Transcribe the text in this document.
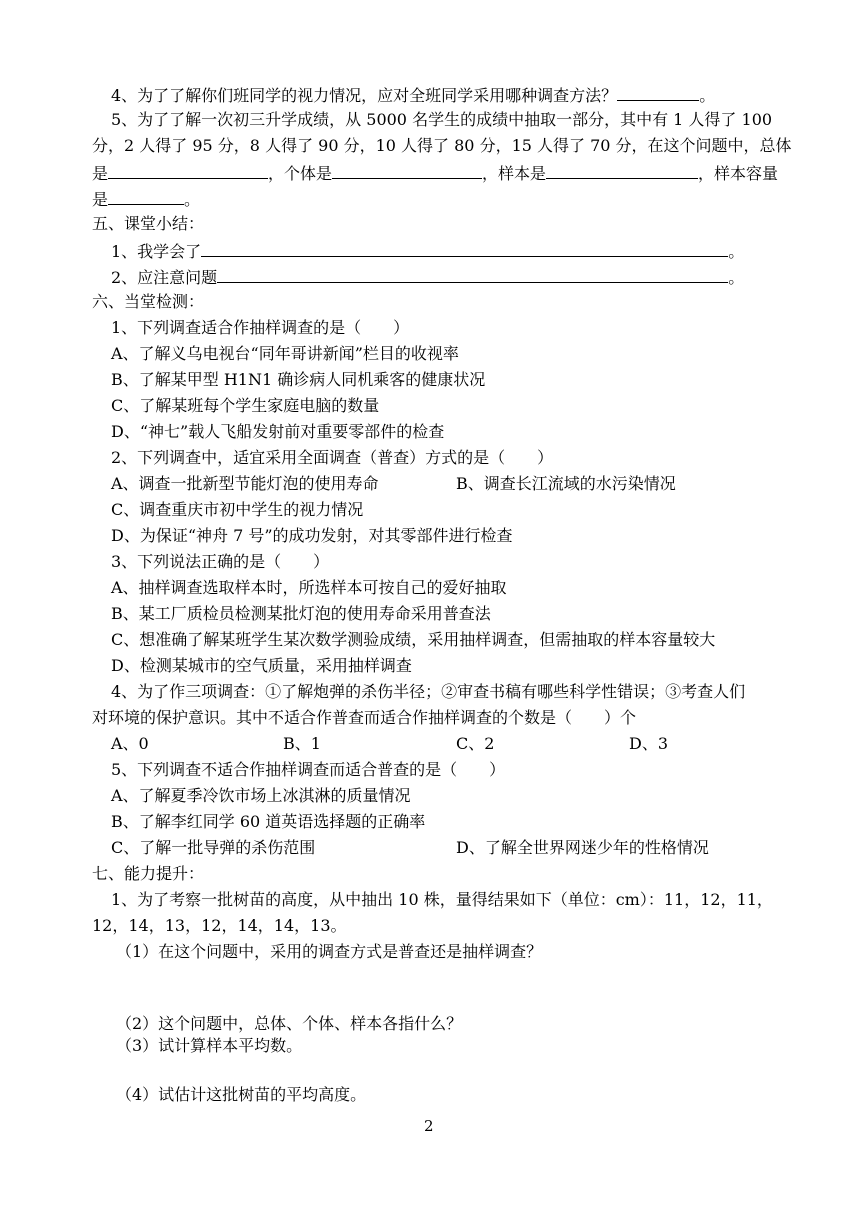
4、为了了解你们班同学的视力情况，应对全班同学采用哪种调查方法？	。
5、为了了解一次初三升学成绩，从 5000 名学生的成绩中抽取一部分，其中有 1 人得了 100
分，2 人得了 95 分，8 人得了 90 分，10 人得了 80 分，15 人得了 70 分，在这个问题中，总体
是	，个体是	，样本是	，样本容量
是	。
五、课堂小结：
1、我学会了	。
2、应注意问题	。
六、当堂检测：
1、下列调查适合作抽样调查的是（　　）
A、了解义乌电视台“同年哥讲新闻”栏目的收视率
B、了解某甲型 H1N1 确诊病人同机乘客的健康状况
C、了解某班每个学生家庭电脑的数量
D、“神七”载人飞船发射前对重要零部件的检查
2、下列调查中，适宜采用全面调查（普查）方式的是（　　）
A、调查一批新型节能灯泡的使用寿命	B、调查长江流域的水污染情况
C、调查重庆市初中学生的视力情况
D、为保证“神舟 7 号”的成功发射，对其零部件进行检查
3、下列说法正确的是（　　）
A、抽样调查选取样本时，所选样本可按自己的爱好抽取
B、某工厂质检员检测某批灯泡的使用寿命采用普查法
C、想准确了解某班学生某次数学测验成绩，采用抽样调查，但需抽取的样本容量较大
D、检测某城市的空气质量，采用抽样调查
4、为了作三项调查：①了解炮弹的杀伤半径；②审查书稿有哪些科学性错误；③考查人们
对环境的保护意识。其中不适合作普查而适合作抽样调查的个数是（　　）个
A、0	B、1	C、2	D、3
5、下列调查不适合作抽样调查而适合普查的是（　　）
A、了解夏季冷饮市场上冰淇淋的质量情况
B、了解李红同学 60 道英语选择题的正确率
C、了解一批导弹的杀伤范围	D、了解全世界网迷少年的性格情况
七、能力提升：
1、为了考察一批树苗的高度，从中抽出 10 株，量得结果如下（单位：cm）：11，12，11，
12，14，13，12，14，14，13。
（1）在这个问题中，采用的调查方式是普查还是抽样调查？
（2）这个问题中，总体、个体、样本各指什么？
（3）试计算样本平均数。
（4）试估计这批树苗的平均高度。
2
